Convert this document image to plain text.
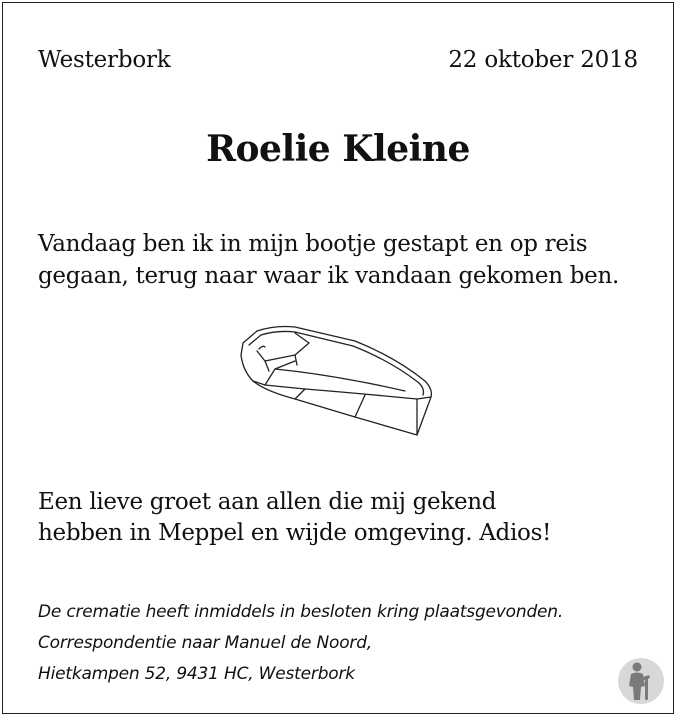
Westerbork	22 oktober 2018
Roelie Kleine
Vandaag ben ik in mijn bootje gestapt en op reis
gegaan, terug naar waar ik vandaan gekomen ben.
Een lieve groet aan allen die mij gekend
hebben in Meppel en wijde omgeving. Adios!
De crematie heeft inmiddels in besloten kring plaatsgevonden.
Correspondentie naar Manuel de Noord,
Hietkampen 52, 9431 HC, Westerbork
